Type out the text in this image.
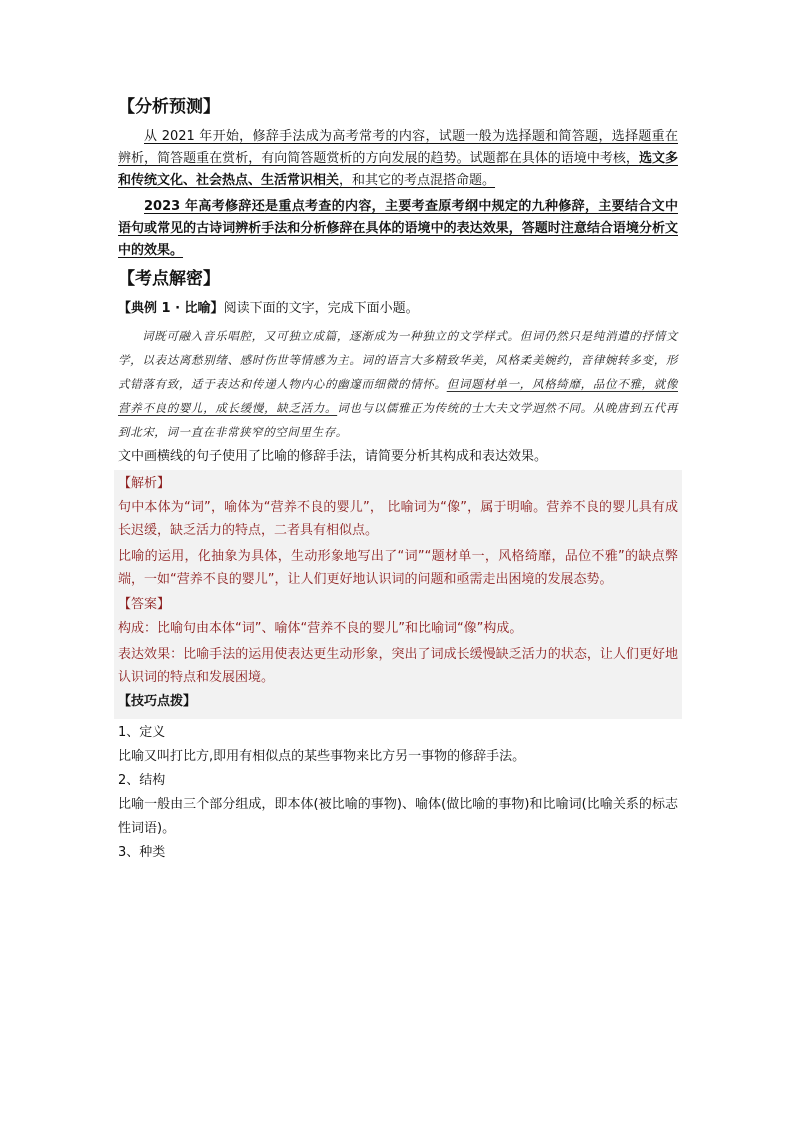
【分析预测】

从 2021 年开始，修辞手法成为高考常考的内容，试题一般为选择题和简答题，选择题重在辨析，简答题重在赏析，有向简答题赏析的方向发展的趋势。试题都在具体的语境中考核，选文多和传统文化、社会热点、生活常识相关，和其它的考点混搭命题。

2023 年高考修辞还是重点考查的内容，主要考查原考纲中规定的九种修辞，主要结合文中语句或常见的古诗词辨析手法和分析修辞在具体的语境中的表达效果，答题时注意结合语境分析文中的效果。

【考点解密】
【典例 1 · 比喻】阅读下面的文字，完成下面小题。

词既可融入音乐唱腔，又可独立成篇，逐渐成为一种独立的文学样式。但词仍然只是纯消遣的抒情文学，以表达离愁别绪、感时伤世等情感为主。词的语言大多精致华美，风格柔美婉约，音律婉转多变，形式错落有致，适于表达和传递人物内心的幽邃而细微的情怀。但词题材单一，风格绮靡，品位不雅，就像营养不良的婴儿，成长缓慢，缺乏活力。词也与以儒雅正为传统的士大夫文学迥然不同。从晚唐到五代再到北宋，词一直在非常狭窄的空间里生存。

文中画横线的句子使用了比喻的修辞手法，请简要分析其构成和表达效果。

【解析】

句中本体为“词”，喻体为“营养不良的婴儿”， 比喻词为“像”，属于明喻。营养不良的婴儿具有成长迟缓，缺乏活力的特点，二者具有相似点。

比喻的运用，化抽象为具体，生动形象地写出了“词”“题材单一，风格绮靡，品位不雅”的缺点弊端，一如“营养不良的婴儿”，让人们更好地认识词的问题和亟需走出困境的发展态势。

【答案】

构成：比喻句由本体“词”、喻体“营养不良的婴儿”和比喻词“像”构成。

表达效果：比喻手法的运用使表达更生动形象，突出了词成长缓慢缺乏活力的状态，让人们更好地认识词的特点和发展困境。

【技巧点拨】

1、定义

比喻又叫打比方,即用有相似点的某些事物来比方另一事物的修辞手法。

2、结构

比喻一般由三个部分组成，即本体(被比喻的事物)、喻体(做比喻的事物)和比喻词(比喻关系的标志性词语)。

3、种类
